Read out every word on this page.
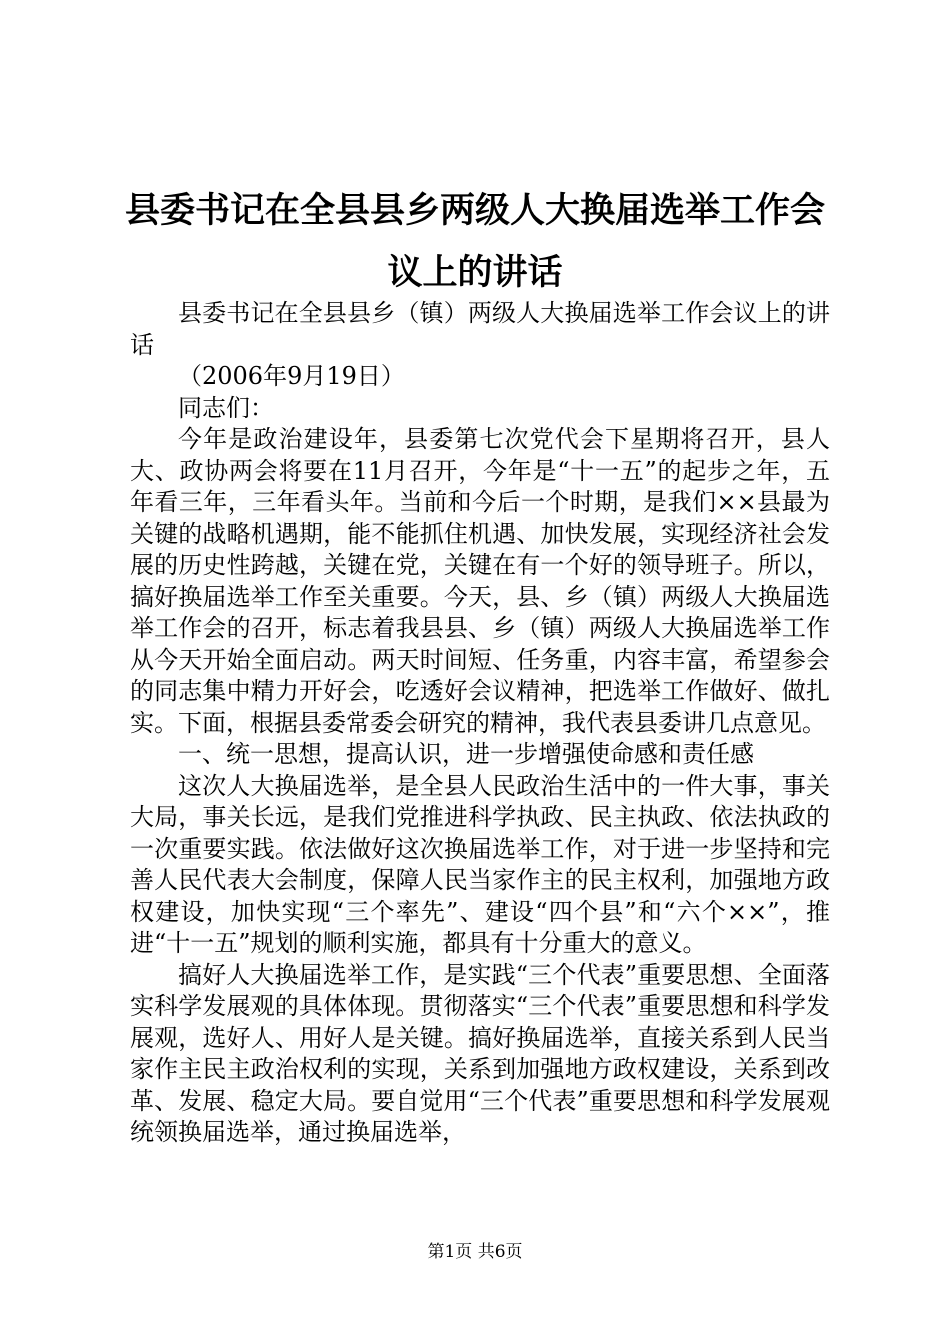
县委书记在全县县乡两级人大换届选举工作会议上的讲话

县委书记在全县县乡（镇）两级人大换届选举工作会议上的讲话

（2006年9月19日）

同志们：

今年是政治建设年，县委第七次党代会下星期将召开，县人大、政协两会将要在11月召开，今年是“十一五”的起步之年，五年看三年，三年看头年。当前和今后一个时期，是我们××县最为关键的战略机遇期，能不能抓住机遇、加快发展，实现经济社会发展的历史性跨越，关键在党，关键在有一个好的领导班子。所以，搞好换届选举工作至关重要。今天，县、乡（镇）两级人大换届选举工作会的召开，标志着我县县、乡（镇）两级人大换届选举工作从今天开始全面启动。两天时间短、任务重，内容丰富，希望参会的同志集中精力开好会，吃透好会议精神，把选举工作做好、做扎实。下面，根据县委常委会研究的精神，我代表县委讲几点意见。

一、统一思想，提高认识，进一步增强使命感和责任感

这次人大换届选举，是全县人民政治生活中的一件大事，事关大局，事关长远，是我们党推进科学执政、民主执政、依法执政的一次重要实践。依法做好这次换届选举工作，对于进一步坚持和完善人民代表大会制度，保障人民当家作主的民主权利，加强地方政权建设，加快实现“三个率先”、建设“四个县”和“六个××”，推进“十一五”规划的顺利实施，都具有十分重大的意义。

搞好人大换届选举工作，是实践“三个代表”重要思想、全面落实科学发展观的具体体现。贯彻落实“三个代表”重要思想和科学发展观，选好人、用好人是关键。搞好换届选举，直接关系到人民当家作主民主政治权利的实现，关系到加强地方政权建设，关系到改革、发展、稳定大局。要自觉用“三个代表”重要思想和科学发展观统领换届选举，通过换届选举，

第1页 共6页
